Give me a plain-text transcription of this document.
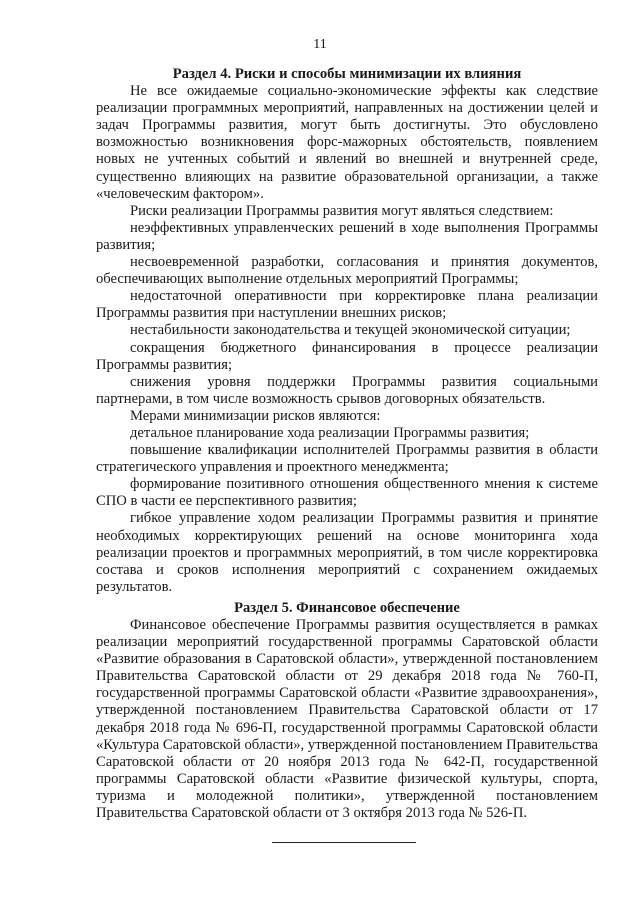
11
Раздел 4. Риски и способы минимизации их влияния

Не все ожидаемые социально-экономические эффекты как следствие реализации программных мероприятий, направленных на достижении целей и задач Программы развития, могут быть достигнуты. Это обусловлено возможностью возникновения форс-мажорных обстоятельств, появлением новых не учтенных событий и явлений во внешней и внутренней среде, существенно влияющих на развитие образовательной организации, а также «человеческим фактором».

Риски реализации Программы развития могут являться следствием:

неэффективных управленческих решений в ходе выполнения Программы развития;

несвоевременной разработки, согласования и принятия документов, обеспечивающих выполнение отдельных мероприятий Программы;

недостаточной оперативности при корректировке плана реализации Программы развития при наступлении внешних рисков;

нестабильности законодательства и текущей экономической ситуации;

сокращения бюджетного финансирования в процессе реализации Программы развития;

снижения уровня поддержки Программы развития социальными партнерами, в том числе возможность срывов договорных обязательств.

Мерами минимизации рисков являются:

детальное планирование хода реализации Программы развития;

повышение квалификации исполнителей Программы развития в области стратегического управления и проектного менеджмента;

формирование позитивного отношения общественного мнения к системе СПО в части ее перспективного развития;

гибкое управление ходом реализации Программы развития и принятие необходимых корректирующих решений на основе мониторинга хода реализации проектов и программных мероприятий, в том числе корректировка состава и сроков исполнения мероприятий с сохранением ожидаемых результатов.

Раздел 5. Финансовое обеспечение

Финансовое обеспечение Программы развития осуществляется в рамках реализации мероприятий государственной программы Саратовской области «Развитие образования в Саратовской области», утвержденной постановлением Правительства Саратовской области от 29 декабря 2018 года № 760-П, государственной программы Саратовской области «Развитие здравоохранения», утвержденной постановлением Правительства Саратовской области от 17 декабря 2018 года № 696-П, государственной программы Саратовской области «Культура Саратовской области», утвержденной постановлением Правительства Саратовской области от 20 ноября 2013 года № 642-П, государственной программы Саратовской области «Развитие физической культуры, спорта, туризма и молодежной политики», утвержденной постановлением Правительства Саратовской области от 3 октября 2013 года № 526-П.
